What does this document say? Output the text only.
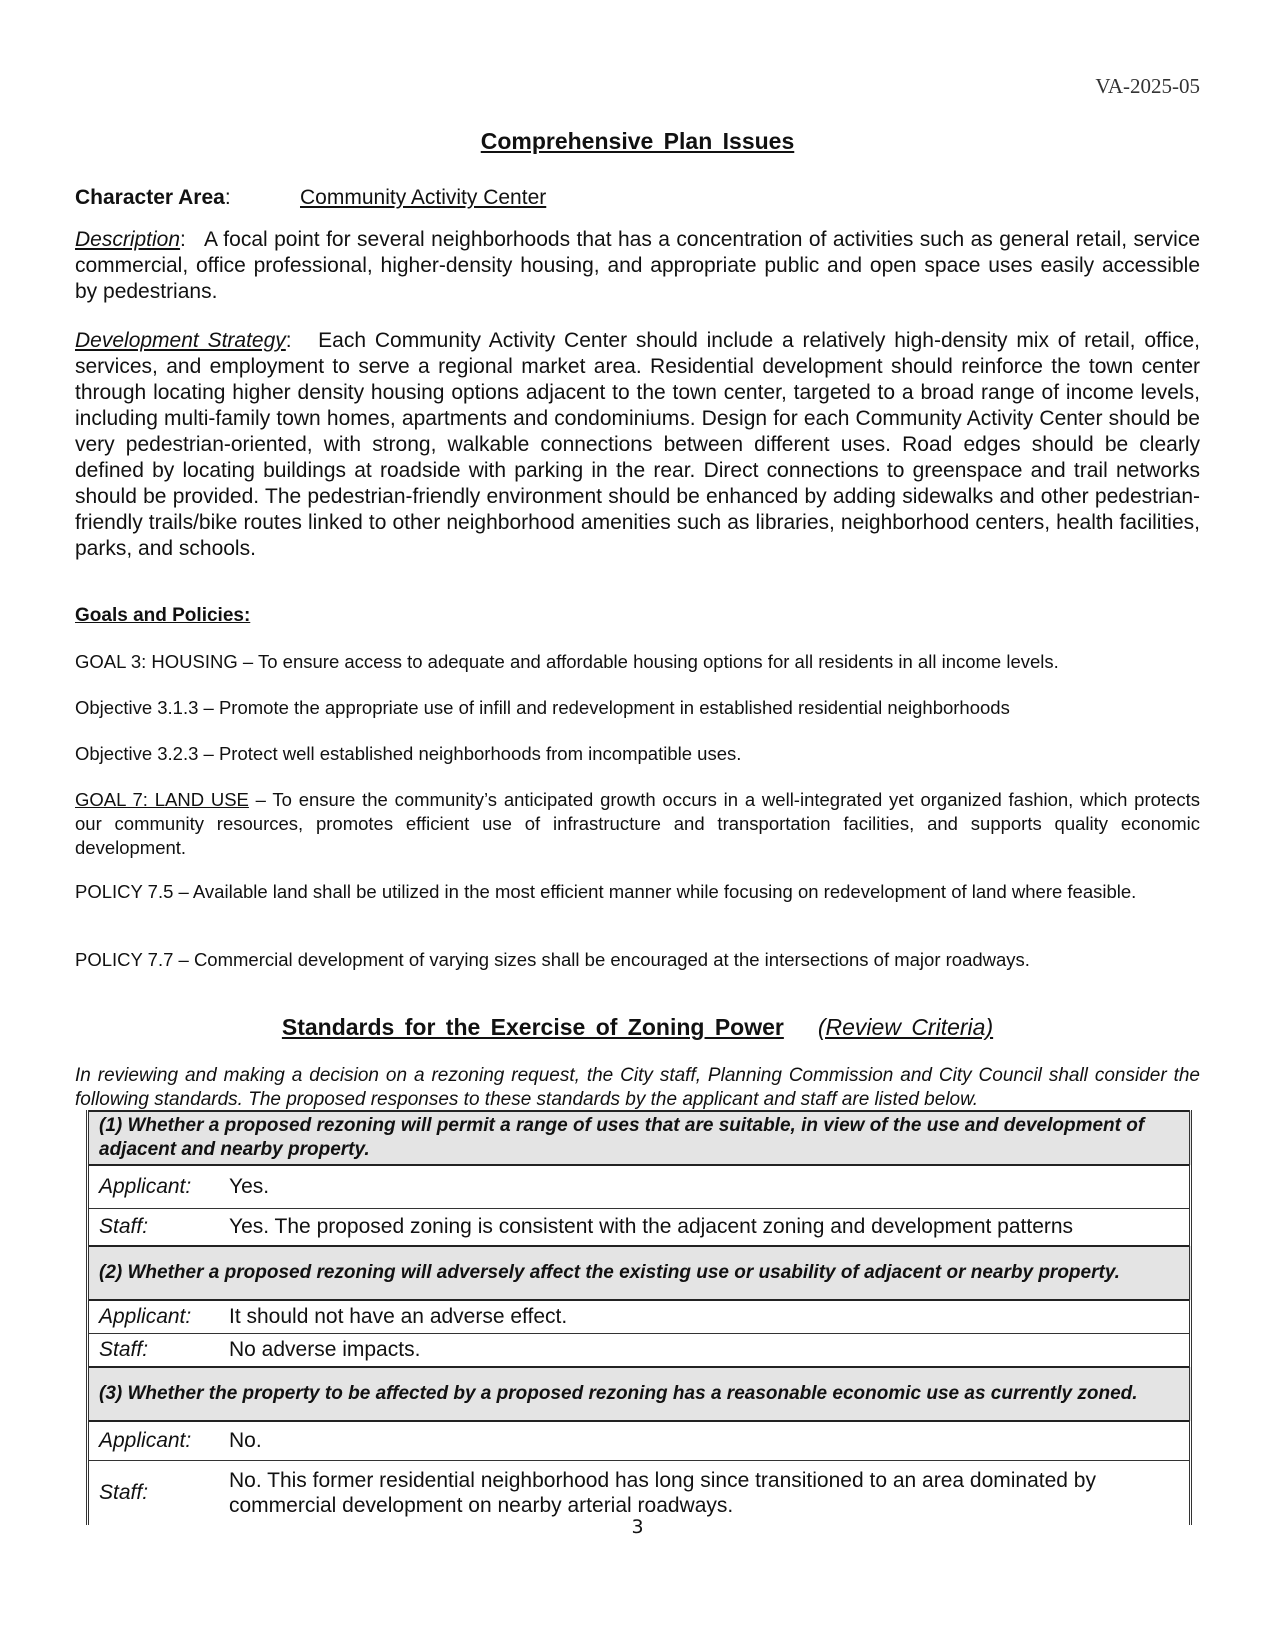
VA-2025-05
Comprehensive Plan Issues
Character Area:	Community Activity Center

Description:   A focal point for several neighborhoods that has a concentration of activities such as general retail, service commercial, office professional, higher-density housing, and appropriate public and open space uses easily accessible by pedestrians.

Development Strategy:   Each Community Activity Center should include a relatively high-density mix of retail, office, services, and employment to serve a regional market area. Residential development should reinforce the town center through locating higher density housing options adjacent to the town center, targeted to a broad range of income levels, including multi-family town homes, apartments and condominiums. Design for each Community Activity Center should be very pedestrian-oriented, with strong, walkable connections between different uses. Road edges should be clearly defined by locating buildings at roadside with parking in the rear. Direct connections to greenspace and trail networks should be provided. The pedestrian-friendly environment should be enhanced by adding sidewalks and other pedestrian-friendly trails/bike routes linked to other neighborhood amenities such as libraries, neighborhood centers, health facilities, parks, and schools.

Goals and Policies:

GOAL 3: HOUSING – To ensure access to adequate and affordable housing options for all residents in all income levels.

Objective 3.1.3 – Promote the appropriate use of infill and redevelopment in established residential neighborhoods

Objective 3.2.3 – Protect well established neighborhoods from incompatible uses.

GOAL 7: LAND USE – To ensure the community’s anticipated growth occurs in a well-integrated yet organized fashion, which protects our community resources, promotes efficient use of infrastructure and transportation facilities, and supports quality economic development.

POLICY 7.5 – Available land shall be utilized in the most efficient manner while focusing on redevelopment of land where feasible.

POLICY 7.7 – Commercial development of varying sizes shall be encouraged at the intersections of major roadways.

Standards for the Exercise of Zoning Power (Review Criteria)

In reviewing and making a decision on a rezoning request, the City staff, Planning Commission and City Council shall consider the following standards. The proposed responses to these standards by the applicant and staff are listed below.

(1) Whether a proposed rezoning will permit a range of uses that are suitable, in view of the use and development of adjacent and nearby property.	
Applicant:	Yes.
Staff:	Yes. The proposed zoning is consistent with the adjacent zoning and development patterns
(2) Whether a proposed rezoning will adversely affect the existing use or usability of adjacent or nearby property.	
Applicant:	It should not have an adverse effect.
Staff:	No adverse impacts.
(3) Whether the property to be affected by a proposed rezoning has a reasonable economic use as currently zoned.	
Applicant:	No.
Staff:	No. This former residential neighborhood has long since transitioned to an area dominated by commercial development on nearby arterial roadways.
3
